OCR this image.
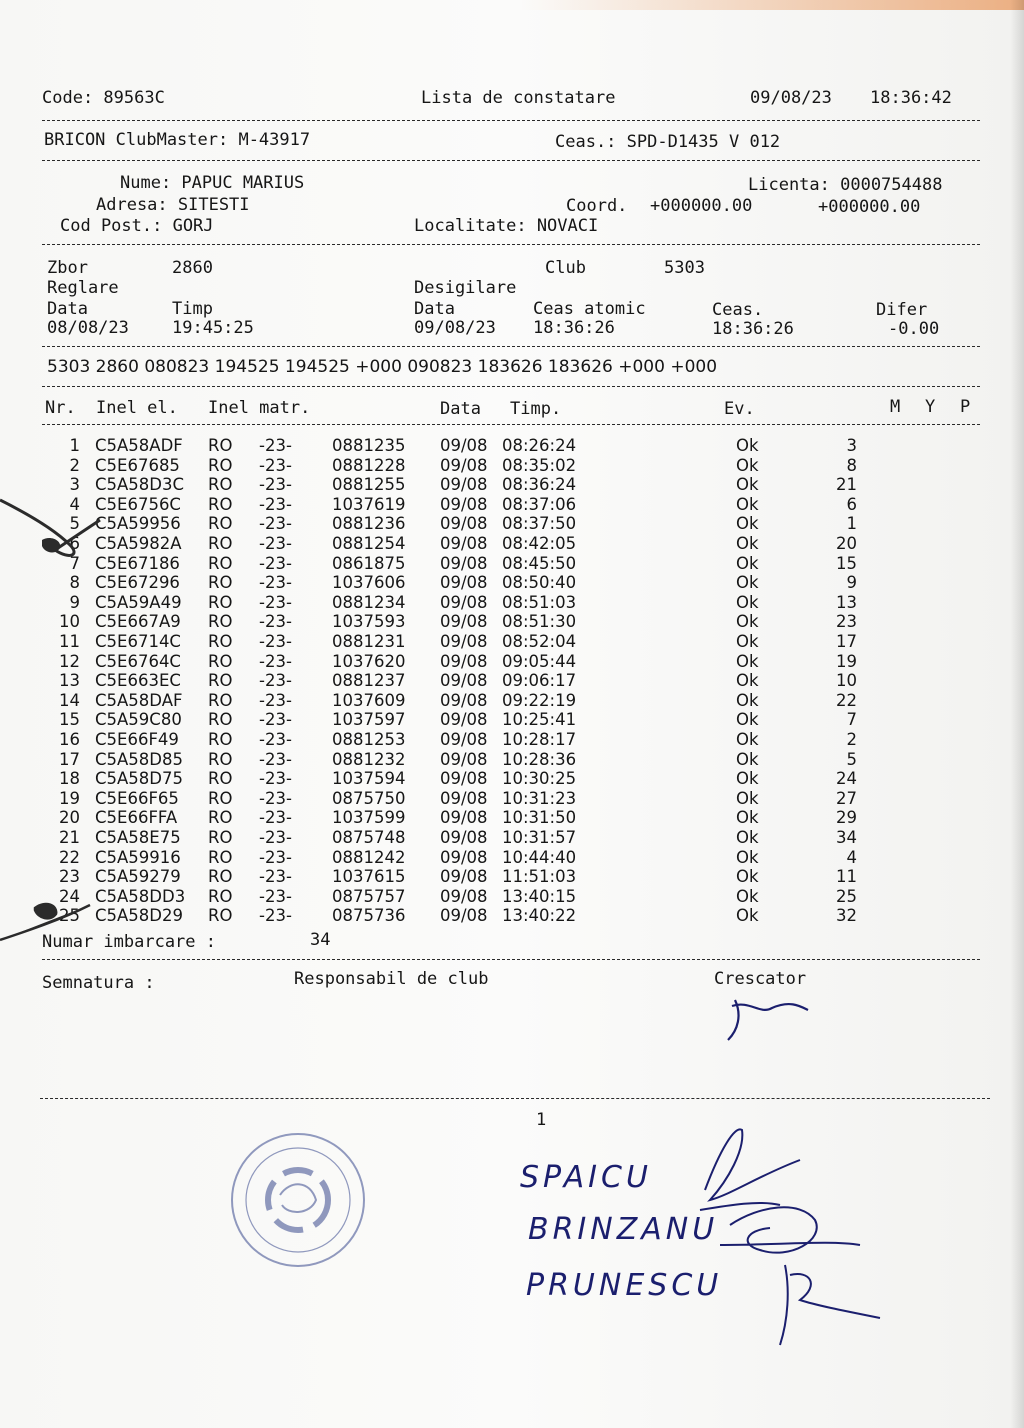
Code: 89563C	Lista de constatare	09/08/23 18:36:42
BRICON ClubMaster: M-43917	Ceas.: SPD-D1435 V 012
Nume: PAPUC MARIUS	Licenta: 0000754488
Adresa: SITESTI	Coord. +000000.00	+000000.00
Cod Post.: GORJ	Localitate: NOVACI
Zbor	2860	Club	5303
Reglare	Desigilare
Data	Timp	Data	Ceas atomic	Ceas.	Difer
08/08/23	19:45:25	09/08/23 18:36:26	18:36:26	-0.00
5303 2860 080823 194525 194525 +000 090823 183626 183626 +000 +000
Nr. Inel el. Inel matr.	Data Timp.	Ev.	M Y P
1 C5A58ADF RO -23- 0881235 09/08 08:26:24	Ok	3
2 C5E67685 RO -23- 0881228 09/08 08:35:02	Ok	8
3 C5A58D3C RO -23- 0881255 09/08 08:36:24	Ok	21
4 C5E6756C RO -23- 1037619 09/08 08:37:06	Ok	6
5 C5A59956 RO -23- 0881236 09/08 08:37:50	Ok	1
6 C5A5982A RO -23- 0881254 09/08 08:42:05	Ok	20
7 C5E67186 RO -23- 0861875 09/08 08:45:50	Ok	15
8 C5E67296 RO -23- 1037606 09/08 08:50:40	Ok	9
9 C5A59A49 RO -23- 0881234 09/08 08:51:03	Ok	13
10 C5E667A9 RO -23- 1037593 09/08 08:51:30	Ok	23
11 C5E6714C RO -23- 0881231 09/08 08:52:04	Ok	17
12 C5E6764C RO -23- 1037620 09/08 09:05:44	Ok	19
13 C5E663EC RO -23- 0881237 09/08 09:06:17	Ok	10
14 C5A58DAF RO -23- 1037609 09/08 09:22:19	Ok	22
15 C5A59C80 RO -23- 1037597 09/08 10:25:41	Ok	7
16 C5E66F49 RO -23- 0881253 09/08 10:28:17	Ok	2
17 C5A58D85 RO -23- 0881232 09/08 10:28:36	Ok	5
18 C5A58D75 RO -23- 1037594 09/08 10:30:25	Ok	24
19 C5E66F65 RO -23- 0875750 09/08 10:31:23	Ok	27
20 C5E66FFA RO -23- 1037599 09/08 10:31:50	Ok	29
21 C5A58E75 RO -23- 0875748 09/08 10:31:57	Ok	34
22 C5A59916 RO -23- 0881242 09/08 10:44:40	Ok	4
23 C5A59279 RO -23- 1037615 09/08 11:51:03	Ok	11
24 C5A58DD3 RO -23- 0875757 09/08 13:40:15	Ok	25
25 C5A58D29 RO -23- 0875736 09/08 13:40:22	Ok	32
Numar imbarcare :	34
Semnatura :	Responsabil de club	Crescator
1
SPAICU
BRINZANU
PRUNESCU
